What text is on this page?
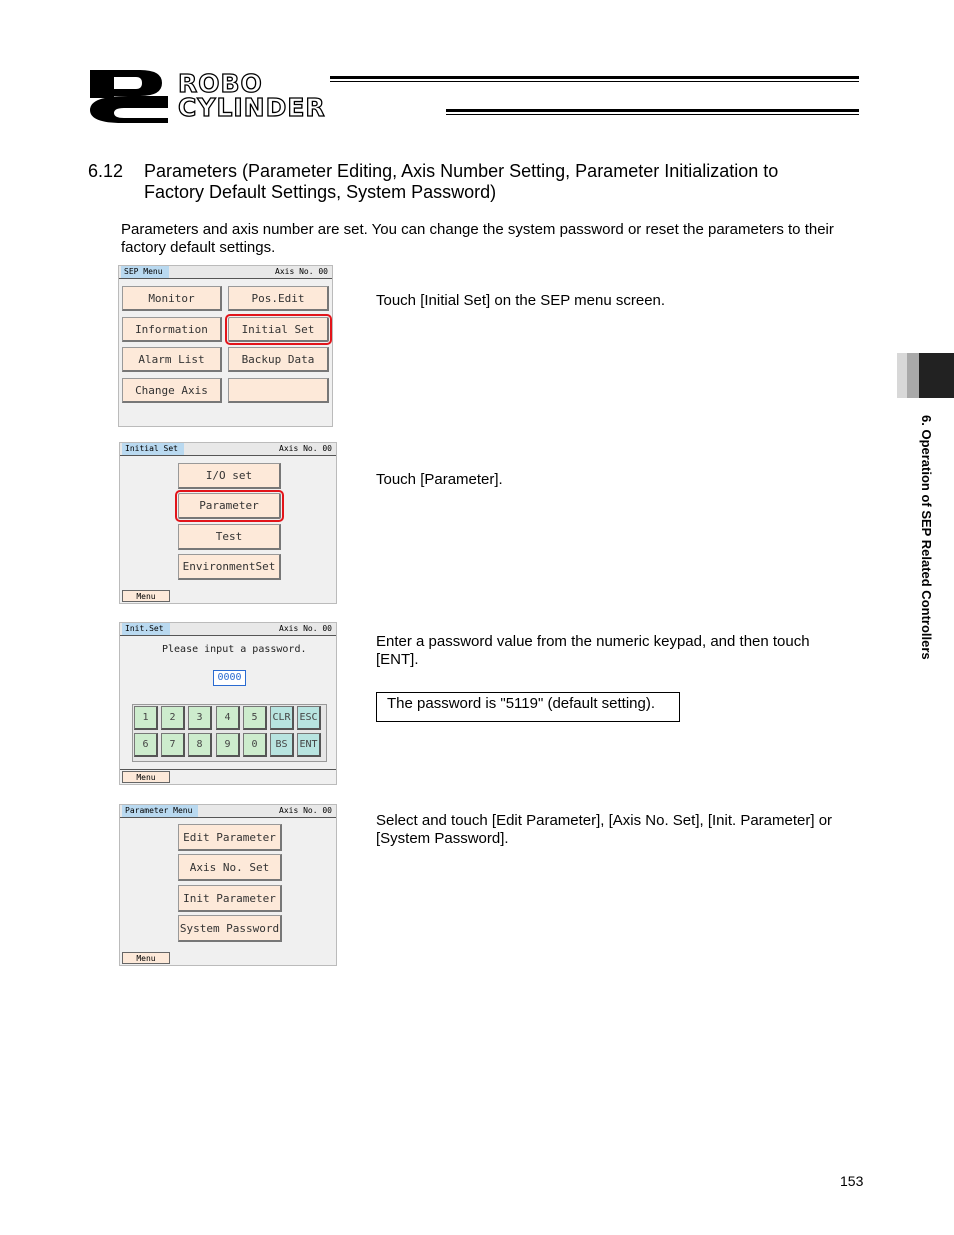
ROBO
CYLINDER
6.12 Parameters (Parameter Editing, Axis Number Setting, Parameter Initialization to
Factory Default Settings, System Password)
Parameters and axis number are set. You can change the system password or reset the parameters to their
factory default settings.
6. Operation of SEP Related Controllers
SEP Menu	Axis No. 00
Monitor	Pos.Edit
Information	Initial Set
Alarm List	Backup Data
Change Axis
Touch [Initial Set] on the SEP menu screen.
Initial Set	Axis No. 00
I/O set
Parameter
Test
EnvironmentSet
Menu
Touch [Parameter].
Init.Set	Axis No. 00
Please input a password.
0000
1	2	3	4	5	CLR ESC
6	7	8	9	0	BS	ENT
Menu
Enter a password value from the numeric keypad, and then touch
[ENT].
The password is "5119" (default setting).
Parameter Menu	Axis No. 00
Edit Parameter
Axis No. Set
Init Parameter
System Password
Menu
Select and touch [Edit Parameter], [Axis No. Set], [Init. Parameter] or
[System Password].
153
